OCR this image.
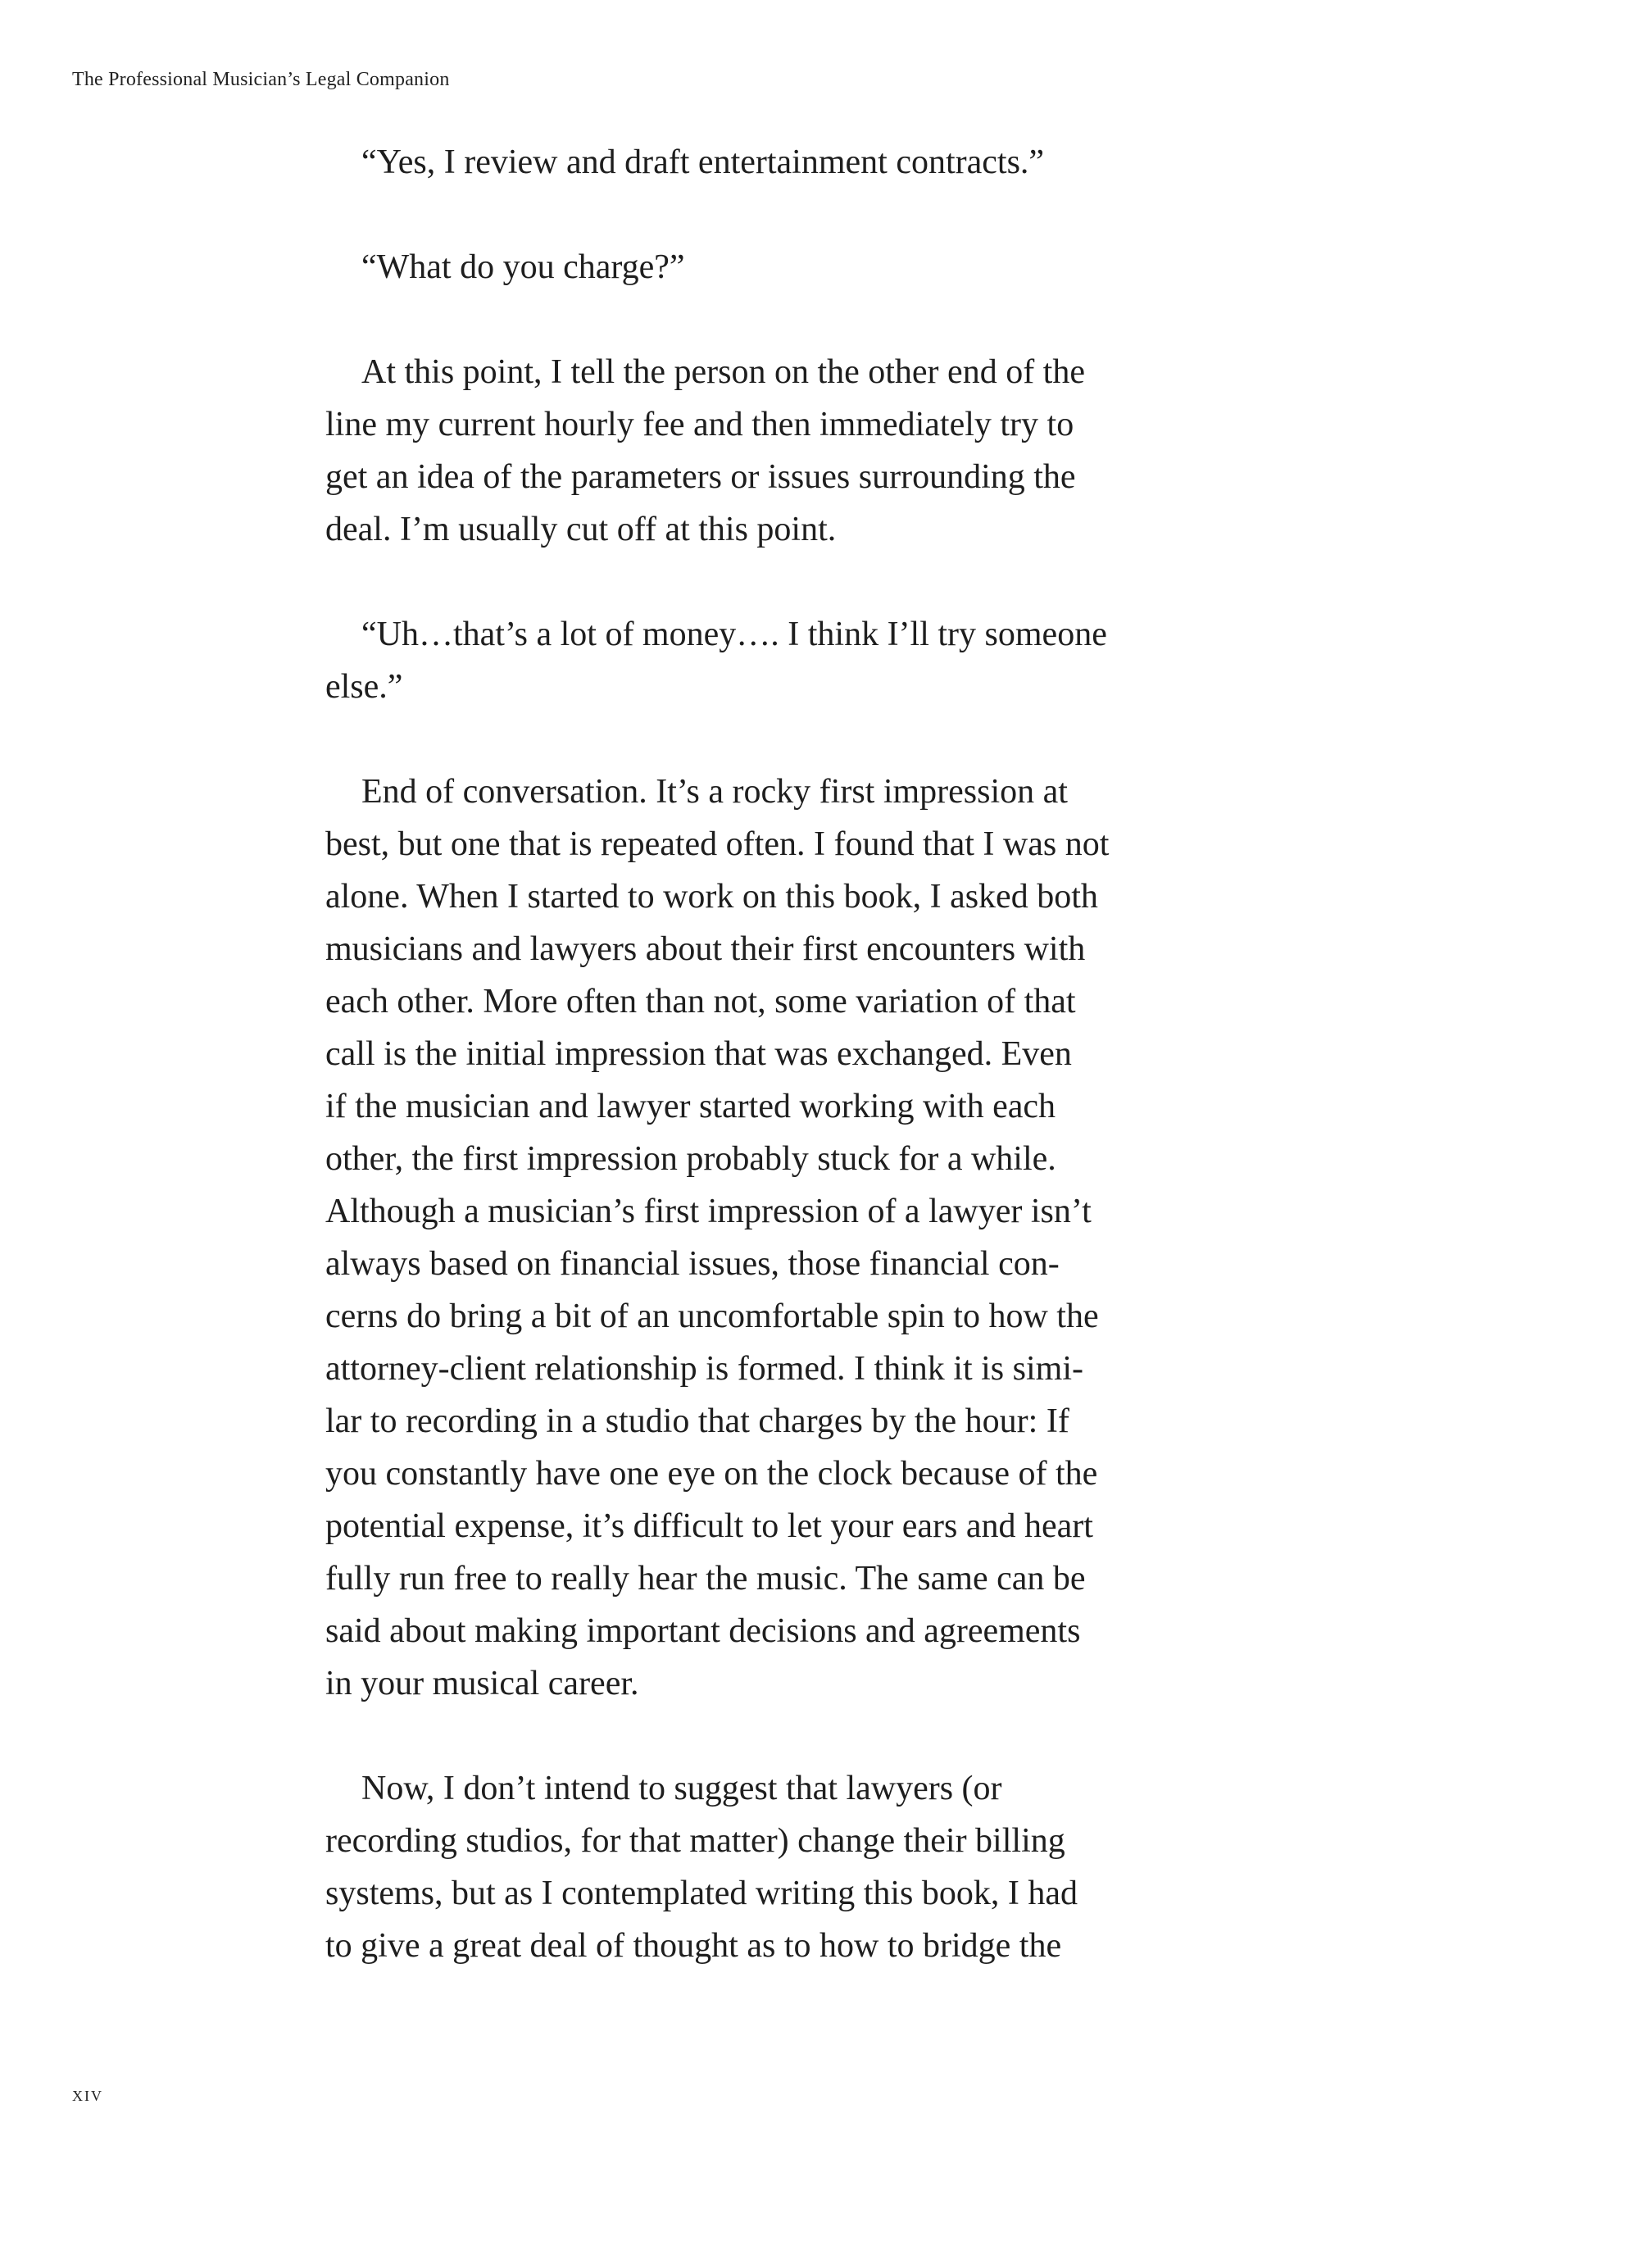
The Professional Musician’s Legal Companion

“Yes, I review and draft entertainment contracts.”

“What do you charge?”

At this point, I tell the person on the other end of the
line my current hourly fee and then immediately try to
get an idea of the parameters or issues surrounding the
deal. I’m usually cut off at this point.

“Uh…that’s a lot of money…. I think I’ll try someone
else.”

End of conversation. It’s a rocky first impression at
best, but one that is repeated often. I found that I was not
alone. When I started to work on this book, I asked both
musicians and lawyers about their first encounters with
each other. More often than not, some variation of that
call is the initial impression that was exchanged. Even
if the musician and lawyer started working with each
other, the first impression probably stuck for a while.
Although a musician’s first impression of a lawyer isn’t
always based on financial issues, those financial con-
cerns do bring a bit of an uncomfortable spin to how the
attorney-client relationship is formed. I think it is simi-
lar to recording in a studio that charges by the hour: If
you constantly have one eye on the clock because of the
potential expense, it’s difficult to let your ears and heart
fully run free to really hear the music. The same can be
said about making important decisions and agreements
in your musical career.

Now, I don’t intend to suggest that lawyers (or
recording studios, for that matter) change their billing
systems, but as I contemplated writing this book, I had
to give a great deal of thought as to how to bridge the

xiv
